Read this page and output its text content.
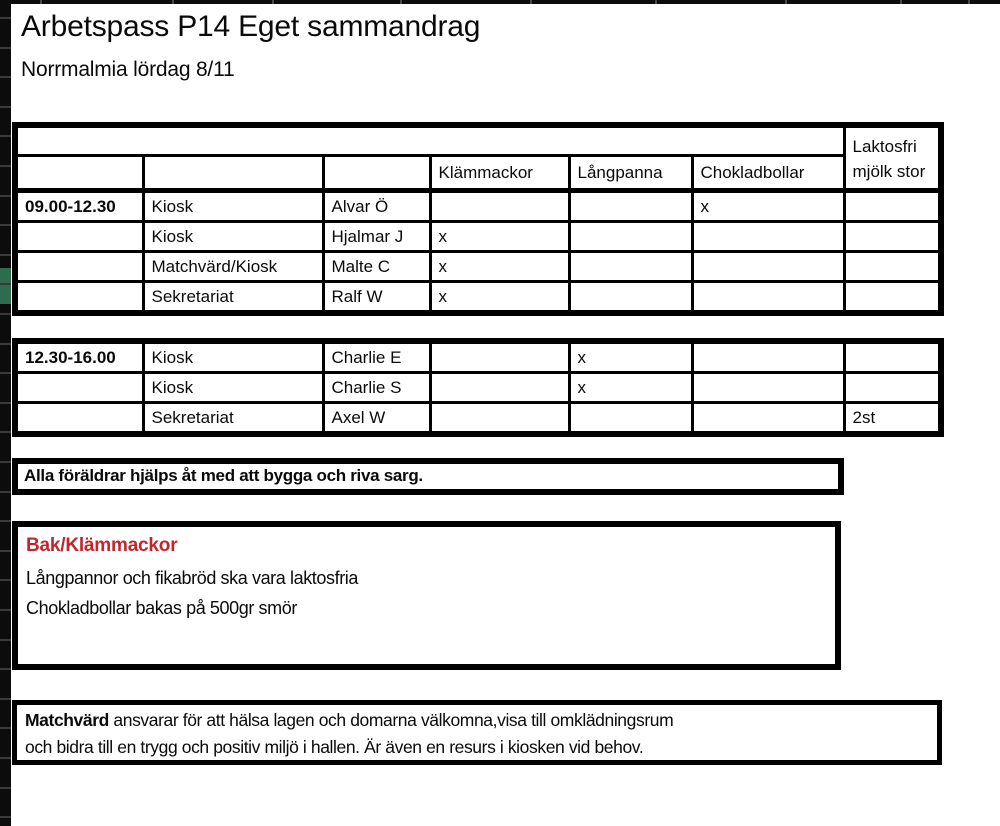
Arbetspass P14 Eget sammandrag
Norrmalmia lördag 8/11

						Laktosfri
mjölk stor

			Klämmackor	Långpanna	Chokladbollar	
09.00-12.30	Kiosk	Alvar Ö			x	
	Kiosk	Hjalmar J	x			
	Matchvärd/Kiosk	Malte C	x			
	Sekretariat	Ralf W	x			
12.30-16.00	Kiosk	Charlie E		x		
	Kiosk	Charlie S		x		
	Sekretariat	Axel W				2st
Alla föräldrar hjälps åt med att bygga och riva sarg.
Bak/Klämmackor
Långpannor och fikabröd ska vara laktosfria
Chokladbollar bakas på 500gr smör
Matchvärd ansvarar för att hälsa lagen och domarna välkomna,visa till omklädningsrum
och bidra till en trygg och positiv miljö i hallen. Är även en resurs i kiosken vid behov.
